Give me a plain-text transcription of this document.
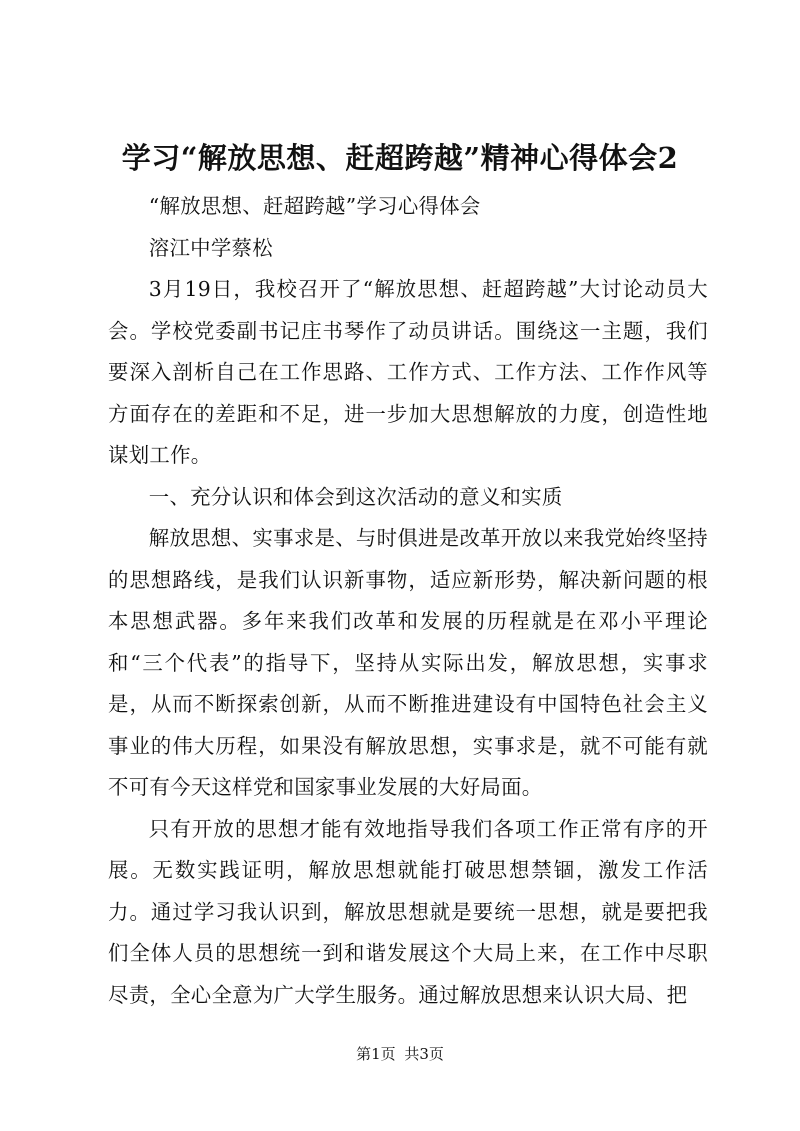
学习“解放思想、赶超跨越”精神心得体会2

“解放思想、赶超跨越”学习心得体会

溶江中学蔡松

3月19日，我校召开了“解放思想、赶超跨越”大讨论动员大会。学校党委副书记庄书琴作了动员讲话。围绕这一主题，我们要深入剖析自己在工作思路、工作方式、工作方法、工作作风等方面存在的差距和不足，进一步加大思想解放的力度，创造性地谋划工作。

一、充分认识和体会到这次活动的意义和实质

解放思想、实事求是、与时俱进是改革开放以来我党始终坚持的思想路线，是我们认识新事物，适应新形势，解决新问题的根本思想武器。多年来我们改革和发展的历程就是在邓小平理论和“三个代表”的指导下，坚持从实际出发，解放思想，实事求是，从而不断探索创新，从而不断推进建设有中国特色社会主义事业的伟大历程，如果没有解放思想，实事求是，就不可能有就不可有今天这样党和国家事业发展的大好局面。

只有开放的思想才能有效地指导我们各项工作正常有序的开展。无数实践证明，解放思想就能打破思想禁锢，激发工作活力。通过学习我认识到，解放思想就是要统一思想，就是要把我们全体人员的思想统一到和谐发展这个大局上来，在工作中尽职尽责，全心全意为广大学生服务。通过解放思想来认识大局、把

第1页 共3页
